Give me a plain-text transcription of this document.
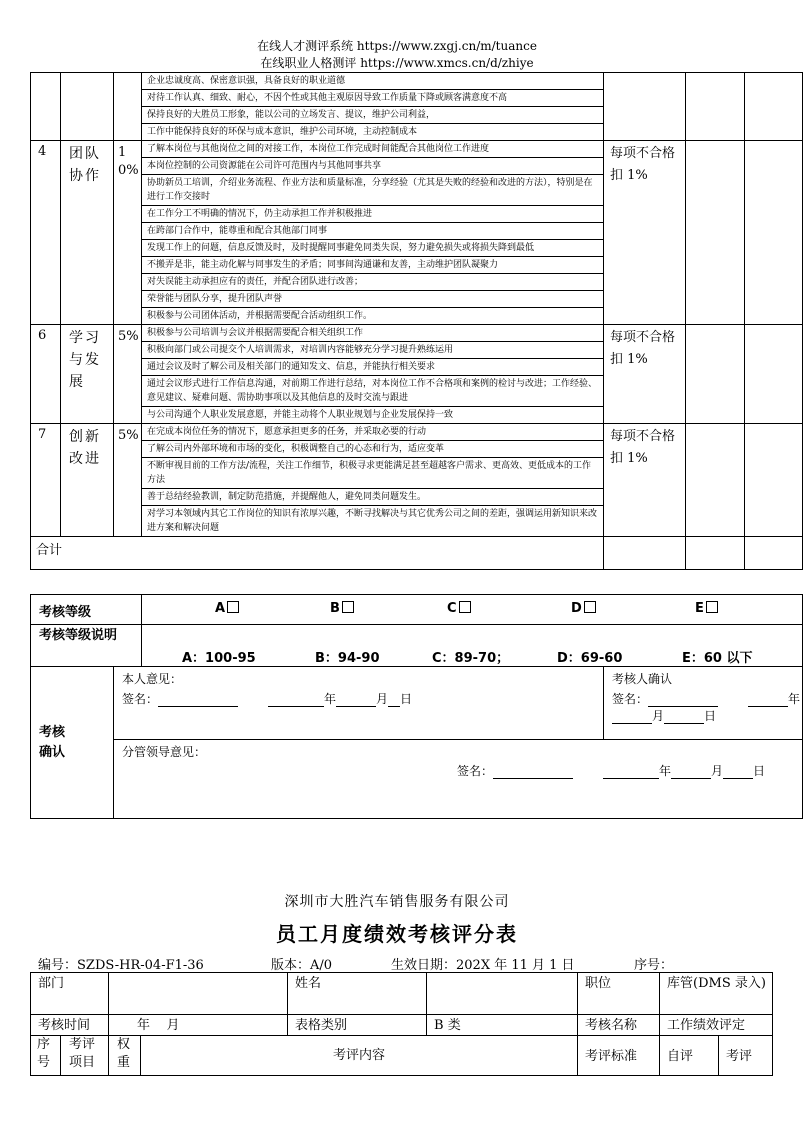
在线人才测评系统 https://www.zxgj.cn/m/tuance
在线职业人格测评 https://www.xmcs.cn/d/zhiye

企业忠诚度高、保密意识强，具备良好的职业道德
对待工作认真、细致、耐心，不因个性或其他主观原因导致工作质量下降或顾客满意度不高
保持良好的大胜员工形象，能以公司的立场发言、提议，维护公司利益，
工作中能保持良好的环保与成本意识，维护公司环境，主动控制成本

4	团队协作

10%

了解本岗位与其他岗位之间的对接工作，本岗位工作完成时间能配合其他岗位工作进度
本岗位控制的公司资源能在公司许可范围内与其他同事共享
协助新员工培训，介绍业务流程、作业方法和质量标准，分享经验（尤其是失败的经验和改进的方法），特别是在进行工作交接时
在工作分工不明确的情况下，仍主动承担工作并积极推进
在跨部门合作中，能尊重和配合其他部门同事
发现工作上的问题，信息反馈及时，及时提醒同事避免同类失误，努力避免损失或将损失降到最低
不搬弄是非，能主动化解与同事发生的矛盾；同事间沟通谦和友善，主动维护团队凝聚力
对失误能主动承担应有的责任，并配合团队进行改善；
荣誉能与团队分享，提升团队声誉
积极参与公司团体活动，并根据需要配合活动组织工作。
	每项不合格扣 1%		
6	学习与发展

5%
	积极参与公司培训与会议并根据需要配合相关组织工作
积极向部门或公司提交个人培训需求，对培训内容能够充分学习提升熟练运用
通过会议及时了解公司及相关部门的通知发文、信息，并能执行相关要求
通过会议形式进行工作信息沟通，对前期工作进行总结，对本岗位工作不合格项和案例的检讨与改进；工作经验、意见建议、疑难问题、需协助事项以及其他信息的及时交流与跟进
与公司沟通个人职业发展意愿，并能主动将个人职业规划与企业发展保持一致
	每项不合格扣 1%		
7	创新改进

5%
	在完成本岗位任务的情况下，愿意承担更多的任务，并采取必要的行动
了解公司内外部环境和市场的变化，积极调整自己的心态和行为，适应变革
不断审视目前的工作方法/流程，关注工作细节，积极寻求更能满足甚至超越客户需求、更高效、更低成本的工作方法
善于总结经验教训，制定防范措施，并提醒他人，避免同类问题发生。
对学习本领域内其它工作岗位的知识有浓厚兴趣，不断寻找解决与其它优秀公司之间的差距，强调运用新知识来改进方案和解决问题
	每项不合格扣 1%		
合计			

考核等级	A	B	C	D	E

考核等级说明	
A：100-95	B：94-90	C：89-70；	D：69-60	E：60 以下

考核确认

本人意见：
签名：	年	月 日

考核人确认
签名：	年月	日

分管领导意见：
签名：	年	月	日
深圳市大胜汽车销售服务有限公司
员工月度绩效考核评分表
编号：SZDS-HR-04-F1-36	版本：A/0	生效日期：202X 年 11 月 1 日	序号：
部门				姓名		职位	库管(DMS 录入)	
考核时间		年    月		表格类别	B 类	考核名称	工作绩效评定	

序号	考评项目	权重	考评内容			考评标准	自评	考评
